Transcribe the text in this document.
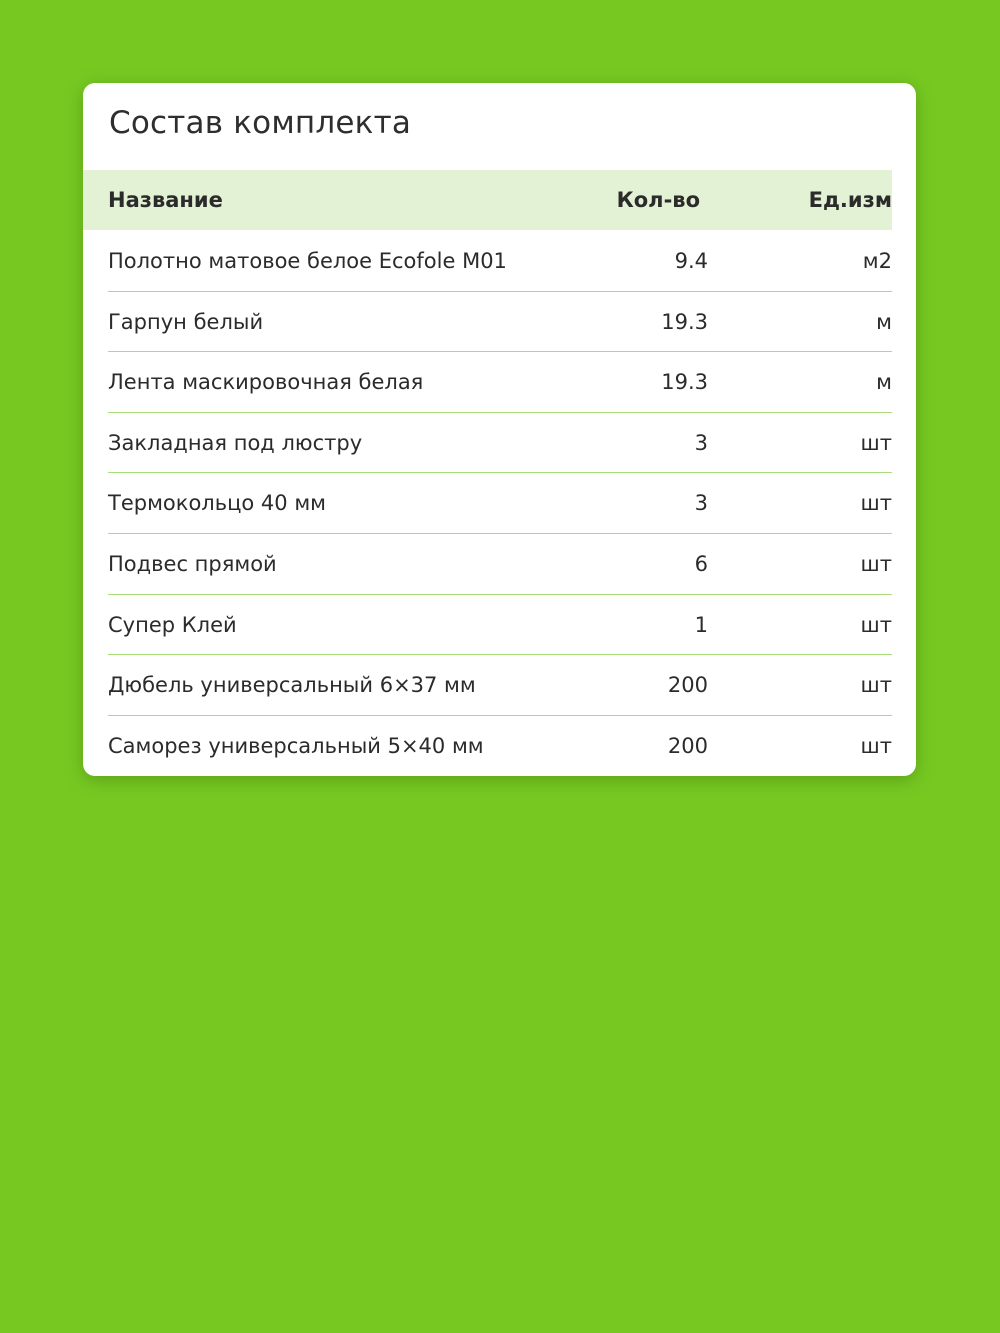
Состав комплекта
Название	Кол-во	Ед.изм
Полотно матовое белое Ecofole M01	9.4	м2
Гарпун белый	19.3	м
Лента маскировочная белая	19.3	м
Закладная под люстру	3	шт
Термокольцо 40 мм	3	шт
Подвес прямой	6	шт
Супер Клей	1	шт
Дюбель универсальный 6×37 мм	200	шт
Саморез универсальный 5×40 мм	200	шт
